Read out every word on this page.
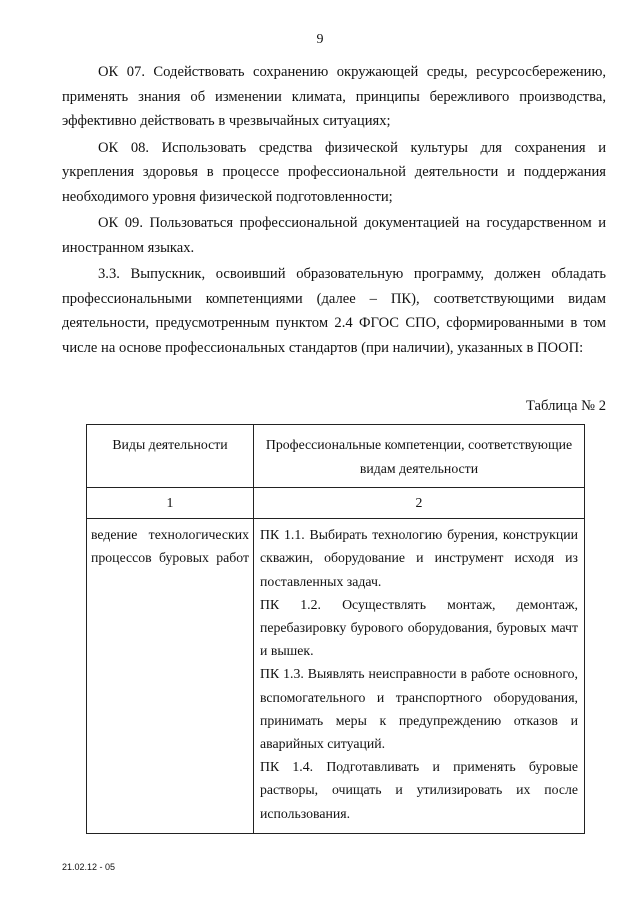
9

ОК 07. Содействовать сохранению окружающей среды, ресурсосбережению, применять знания об изменении климата, принципы бережливого производства, эффективно действовать в чрезвычайных ситуациях;

ОК 08. Использовать средства физической культуры для сохранения и укрепления здоровья в процессе профессиональной деятельности и поддержания необходимого уровня физической подготовленности;

ОК 09. Пользоваться профессиональной документацией на государственном и иностранном языках.

3.3. Выпускник, освоивший образовательную программу, должен обладать профессиональными компетенциями (далее – ПК), соответствующими видам деятельности, предусмотренным пунктом 2.4 ФГОС СПО, сформированными в том числе на основе профессиональных стандартов (при наличии), указанных в ПООП:

Таблица № 2
Виды деятельности	Профессиональные компетенции, соответствующие видам деятельности
1	2
ведение технологических процессов буровых работ	ПК 1.1. Выбирать технологию бурения, конструкции скважин, оборудование и инструмент исходя из поставленных задач.

ПК 1.2. Осуществлять монтаж, демонтаж, перебазировку бурового оборудования, буровых мачт и вышек.

ПК 1.3. Выявлять неисправности в работе основного, вспомогательного и транспортного оборудования, принимать меры к предупреждению отказов и аварийных ситуаций.

ПК 1.4. Подготавливать и применять буровые растворы, очищать и утилизировать их после использования.

21.02.12 - 05
